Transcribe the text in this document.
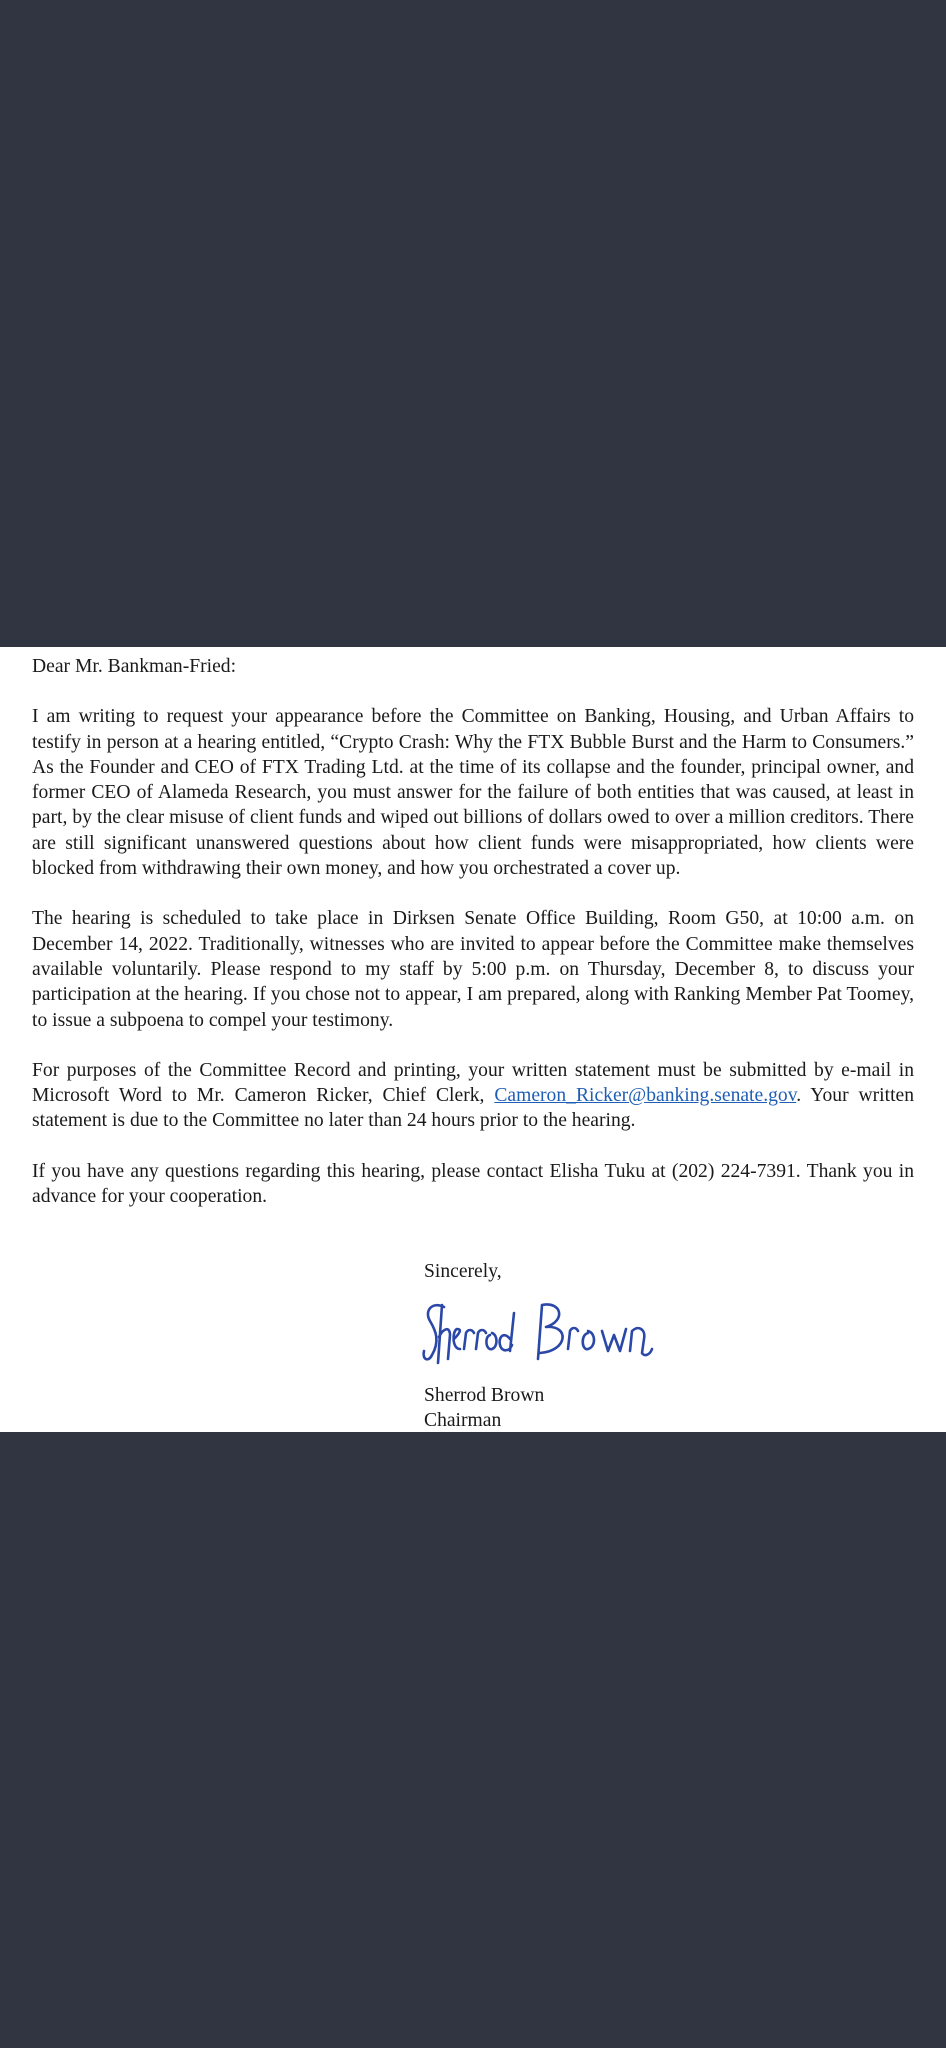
Dear Mr. Bankman-Fried:

I am writing to request your appearance before the Committee on Banking, Housing, and Urban Affairs to testify in person at a hearing entitled, “Crypto Crash: Why the FTX Bubble Burst and the Harm to Consumers.” As the Founder and CEO of FTX Trading Ltd. at the time of its collapse and the founder, principal owner, and former CEO of Alameda Research, you must answer for the failure of both entities that was caused, at least in part, by the clear misuse of client funds and wiped out billions of dollars owed to over a million creditors. There are still significant unanswered questions about how client funds were misappropriated, how clients were blocked from withdrawing their own money, and how you orchestrated a cover up.

The hearing is scheduled to take place in Dirksen Senate Office Building, Room G50, at 10:00 a.m. on December 14, 2022. Traditionally, witnesses who are invited to appear before the Committee make themselves available voluntarily. Please respond to my staff by 5:00 p.m. on Thursday, December 8, to discuss your participation at the hearing. If you chose not to appear, I am prepared, along with Ranking Member Pat Toomey, to issue a subpoena to compel your testimony.

For purposes of the Committee Record and printing, your written statement must be submitted by e-mail in Microsoft Word to Mr. Cameron Ricker, Chief Clerk, Cameron_Ricker@banking.senate.gov. Your written statement is due to the Committee no later than 24 hours prior to the hearing.

If you have any questions regarding this hearing, please contact Elisha Tuku at (202) 224-7391. Thank you in advance for your cooperation.

Sincerely,

Sherrod Brown

Chairman
